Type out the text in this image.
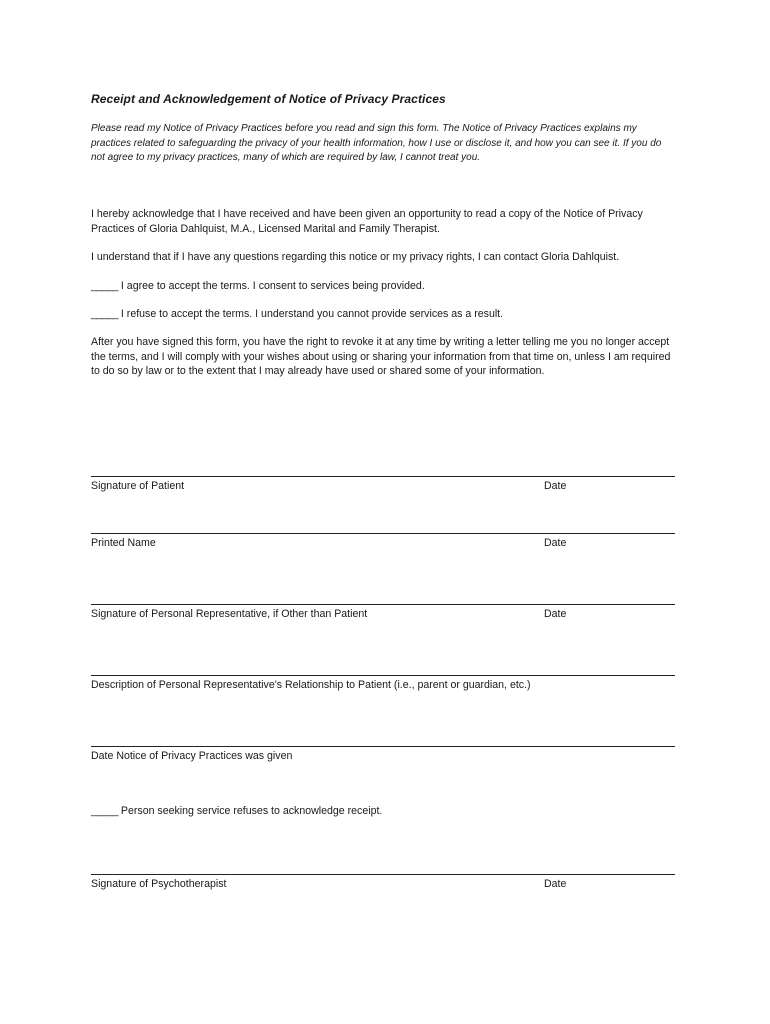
Receipt and Acknowledgement of Notice of Privacy Practices
Please read my Notice of Privacy Practices before you read and sign this form. The Notice of Privacy Practices explains my practices related to safeguarding the privacy of your health information, how I use or disclose it, and how you can see it. If you do not agree to my privacy practices, many of which are required by law, I cannot treat you.
I hereby acknowledge that I have received and have been given an opportunity to read a copy of the Notice of Privacy Practices of Gloria Dahlquist, M.A., Licensed Marital and Family Therapist.
I understand that if I have any questions regarding this notice or my privacy rights, I can contact Gloria Dahlquist.
_____ I agree to accept the terms. I consent to services being provided.
_____ I refuse to accept the terms. I understand you cannot provide services as a result.
After you have signed this form, you have the right to revoke it at any time by writing a letter telling me you no longer accept the terms, and I will comply with your wishes about using or sharing your information from that time on, unless I am required to do so by law or to the extent that I may already have used or shared some of your information.
Signature of Patient	Date
Printed Name	Date
Signature of Personal Representative, if Other than Patient	Date
Description of Personal Representative's Relationship to Patient (i.e., parent or guardian, etc.)
Date Notice of Privacy Practices was given
_____ Person seeking service refuses to acknowledge receipt.
Signature of Psychotherapist	Date
